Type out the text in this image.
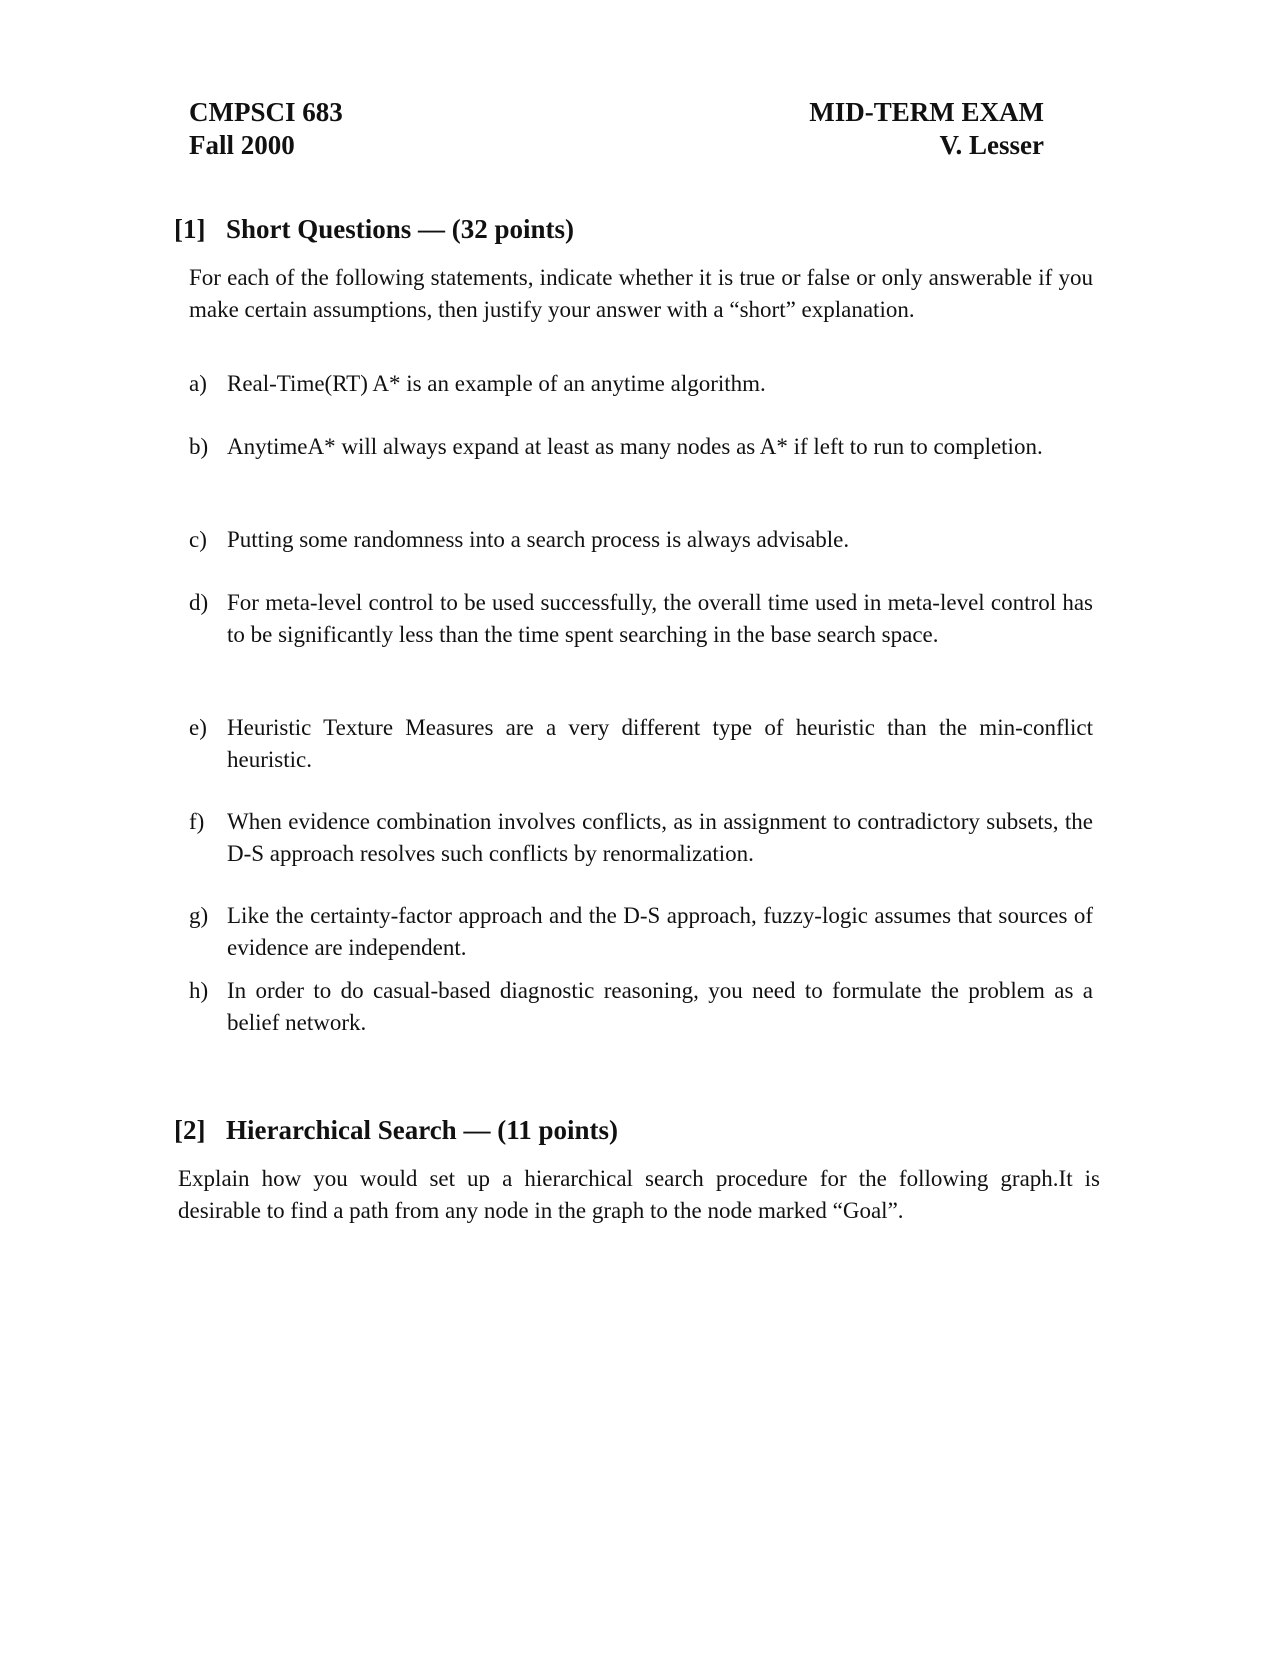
CMPSCI 683	MID-TERM EXAM
Fall 2000	V. Lesser
[1] Short Questions — (32 points)
For each of the following statements, indicate whether it is true or false or only answerable if you make certain assumptions, then justify your answer with a “short” explanation.
a) Real-Time(RT) A* is an example of an anytime algorithm.
b) AnytimeA* will always expand at least as many nodes as A* if left to run to completion.
c) Putting some randomness into a search process is always advisable.
d) For meta-level control to be used successfully, the overall time used in meta-level control has to be significantly less than the time spent searching in the base search space.
e) Heuristic Texture Measures are a very different type of heuristic than the min-conflict heuristic.
f) When evidence combination involves conflicts, as in assignment to contradictory subsets, the D-S approach resolves such conflicts by renormalization.
g) Like the certainty-factor approach and the D-S approach, fuzzy-logic assumes that sources of evidence are independent.
h) In order to do casual-based diagnostic reasoning, you need to formulate the problem as a belief network.
[2] Hierarchical Search — (11 points)
Explain how you would set up a hierarchical search procedure for the following graph.It is desirable to find a path from any node in the graph to the node marked “Goal”.
